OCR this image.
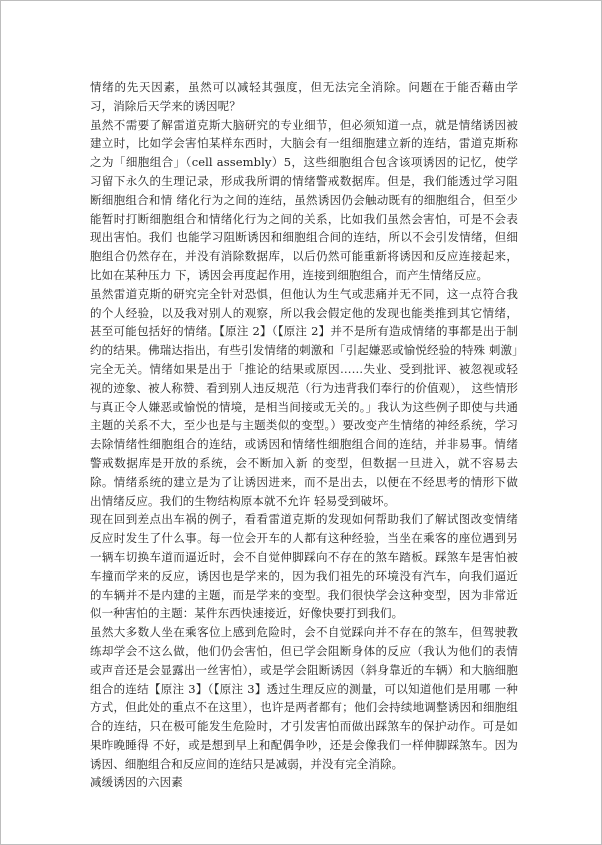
情绪的先天因素，虽然可以减轻其强度，但无法完全消除。问题在于能否藉由学习，消除后天学来的诱因呢？

虽然不需要了解雷道克斯大脑研究的专业细节，但必须知道一点，就是情绪诱因被建立时，比如学会害怕某样东西时，大脑会有一组细胞建立新的连结，雷道克斯称 之为「细胞组合」（cell assembly）5，这些细胞组合包含该项诱因的记忆，使学习留下永久的生理记录，形成我所谓的情绪警戒数据库。但是，我们能透过学习阻断细胞组合和情 绪化行为之间的连结，虽然诱因仍会触动既有的细胞组合，但至少能暂时打断细胞组合和情绪化行为之间的关系，比如我们虽然会害怕，可是不会表现出害怕。我们 也能学习阻断诱因和细胞组合间的连结，所以不会引发情绪，但细胞组合仍然存在，并没有消除数据库，以后仍然可能重新将诱因和反应连接起来，比如在某种压力 下，诱因会再度起作用，连接到细胞组合，而产生情绪反应。

虽然雷道克斯的研究完全针对恐惧，但他认为生气或悲痛并无不同，这一点符合我的个人经验，以及我对别人的观察，所以我会假定他的发现也能类推到其它情绪，甚至可能包括好的情绪。【原注 2】（【原注 2】并不是所有造成情绪的事都是出于制约的结果。佛瑞达指出，有些引发情绪的刺激和「引起嫌恶或愉悦经验的特殊 刺激」完全无关。情绪如果是出于「推论的结果或原因……失业、受到批评、被忽视或轻视的迹象、被人称赞、看到别人违反规范（行为违背我们奉行的价值观）， 这些情形与真正令人嫌恶或愉悦的情境，是相当间接或无关的。」我认为这些例子即使与共通主题的关系不大，至少也是与主题类似的变型。）要改变产生情绪的神经系统，学习去除情绪性细胞组合的连结，或诱因和情绪性细胞组合间的连结，并非易事。情绪警戒数据库是开放的系统，会不断加入新 的变型，但数据一旦进入，就不容易去除。情绪系统的建立是为了让诱因进来，而不是出去，以便在不经思考的情形下做出情绪反应。我们的生物结构原本就不允许 轻易受到破坏。

现在回到差点出车祸的例子，看看雷道克斯的发现如何帮助我们了解试图改变情绪反应时发生了什么事。每一位会开车的人都有这种经验，当坐在乘客的座位遇到另 一辆车切换车道而逼近时，会不自觉伸脚踩向不存在的煞车踏板。踩煞车是害怕被车撞而学来的反应，诱因也是学来的，因为我们祖先的环境没有汽车，向我们逼近 的车辆并不是内建的主题，而是学来的变型。我们很快学会这种变型，因为非常近似一种害怕的主题：某件东西快速接近，好像快要打到我们。

虽然大多数人坐在乘客位上感到危险时，会不自觉踩向并不存在的煞车，但驾驶教练却学会不这么做，他们仍会害怕，但已学会阻断身体的反应（我认为他们的表情 或声音还是会显露出一丝害怕），或是学会阻断诱因（斜身靠近的车辆）和大脑细胞组合的连结【原注 3】（【原注 3】透过生理反应的测量，可以知道他们是用哪 一种方式，但此处的重点不在这里），也许是两者都有；他们会持续地调整诱因和细胞组合的连结，只在极可能发生危险时，才引发害怕而做出踩煞车的保护动作。可是如果昨晚睡得 不好，或是想到早上和配偶争吵，还是会像我们一样伸脚踩煞车。因为诱因、细胞组合和反应间的连结只是减弱，并没有完全消除。

减缓诱因的六因素
